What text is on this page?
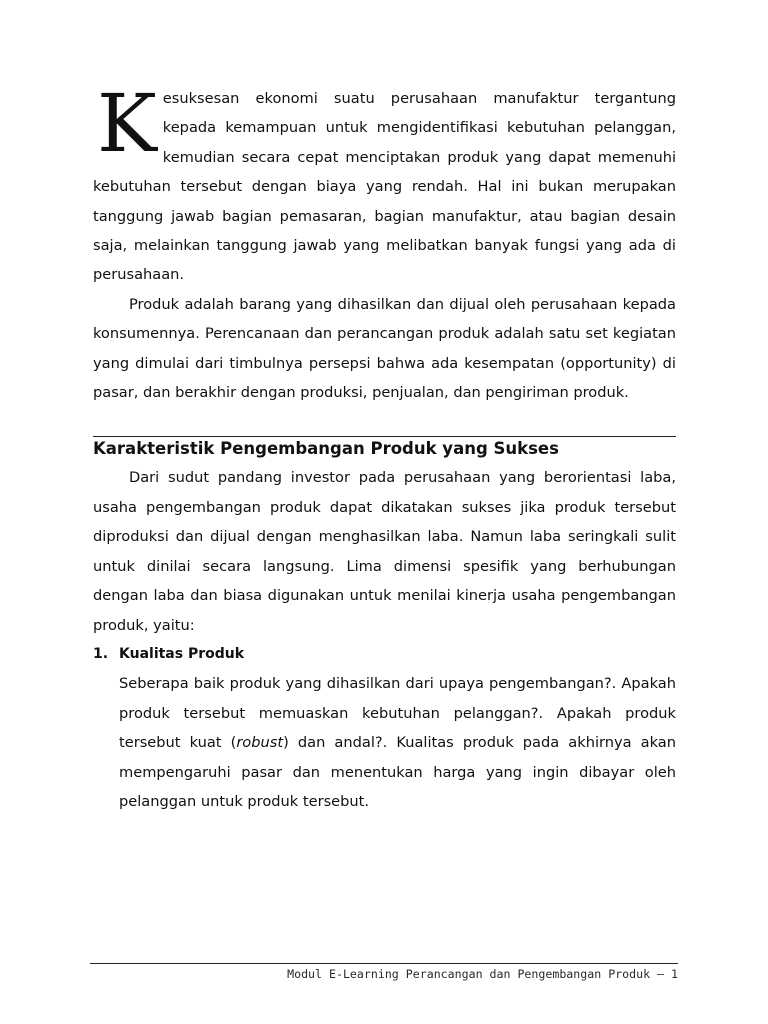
Kesuksesan ekonomi suatu perusahaan manufaktur tergantung kepada kemampuan untuk mengidentifikasi kebutuhan pelanggan, kemudian secara cepat menciptakan produk yang dapat memenuhi kebutuhan tersebut dengan biaya yang rendah. Hal ini bukan merupakan tanggung jawab bagian pemasaran, bagian manufaktur, atau bagian desain saja, melainkan tanggung jawab yang melibatkan banyak fungsi yang ada di perusahaan.

Produk adalah barang yang dihasilkan dan dijual oleh perusahaan kepada konsumennya. Perencanaan dan perancangan produk adalah satu set kegiatan yang dimulai dari timbulnya persepsi bahwa ada kesempatan (opportunity) di pasar, dan berakhir dengan produksi, penjualan, dan pengiriman produk.

Karakteristik Pengembangan Produk yang Sukses

Dari sudut pandang investor pada perusahaan yang berorientasi laba, usaha pengembangan produk dapat dikatakan sukses jika produk tersebut diproduksi dan dijual dengan menghasilkan laba. Namun laba seringkali sulit untuk dinilai secara langsung. Lima dimensi spesifik yang berhubungan dengan laba dan biasa digunakan untuk menilai kinerja usaha pengembangan produk, yaitu:

1. Kualitas Produk

Seberapa baik produk yang dihasilkan dari upaya pengembangan?. Apakah produk tersebut memuaskan kebutuhan pelanggan?. Apakah produk tersebut kuat (robust) dan andal?. Kualitas produk pada akhirnya akan mempengaruhi pasar dan menentukan harga yang ingin dibayar oleh pelanggan untuk produk tersebut.

Modul E-Learning Perancangan dan Pengembangan Produk – 1
